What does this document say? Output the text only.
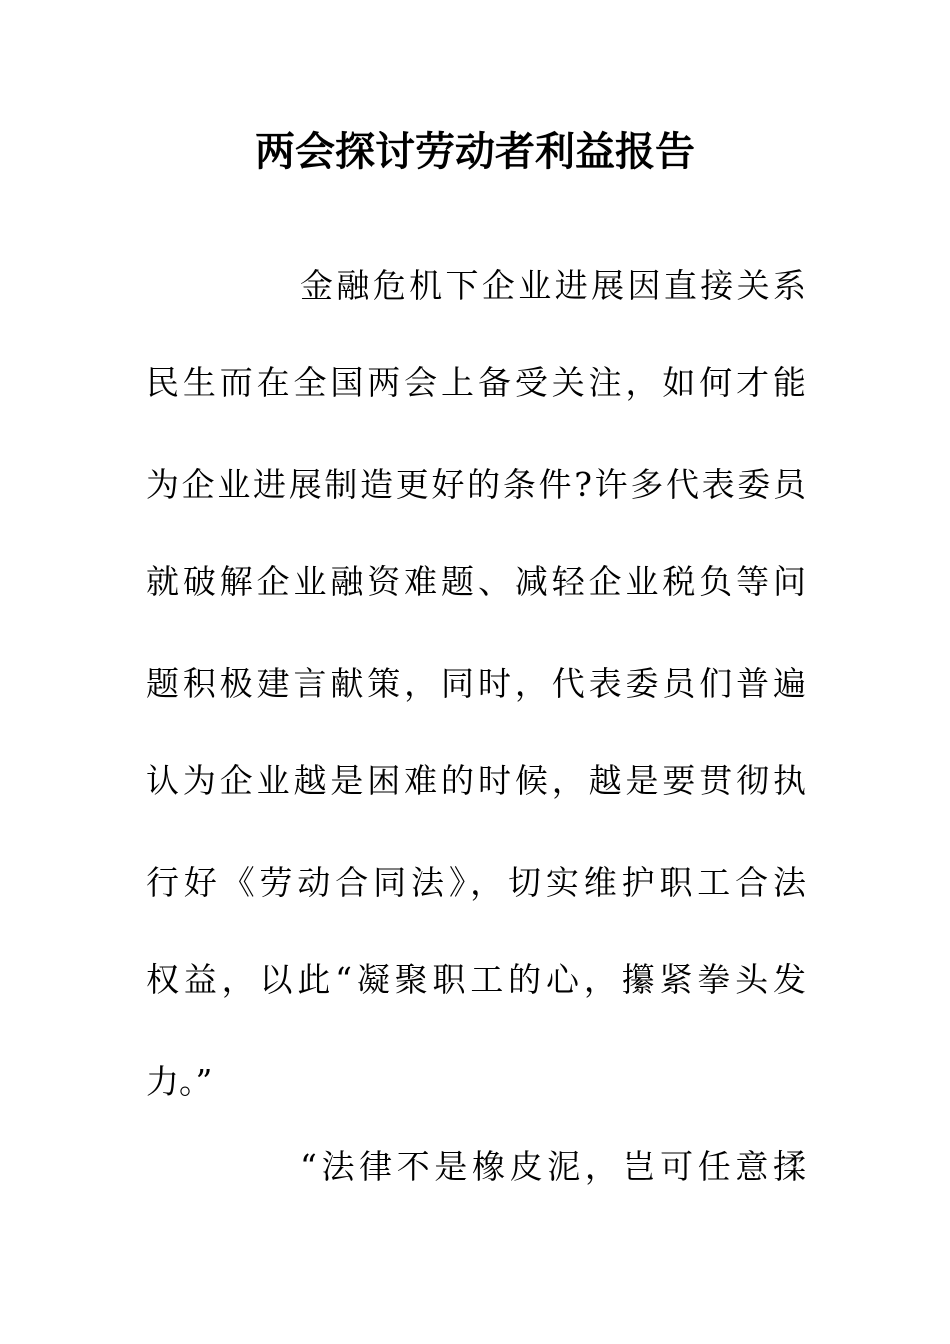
两会探讨劳动者利益报告
金融危机下企业进展因直接关系
民生而在全国两会上备受关注，如何才能
为企业进展制造更好的条件?许多代表委员
就破解企业融资难题、减轻企业税负等问
题积极建言献策，同时，代表委员们普遍
认为企业越是困难的时候，越是要贯彻执
行好《劳动合同法》，切实维护职工合法
权益，以此“凝聚职工的心，攥紧拳头发
力。”
“法律不是橡皮泥，岂可任意揉
